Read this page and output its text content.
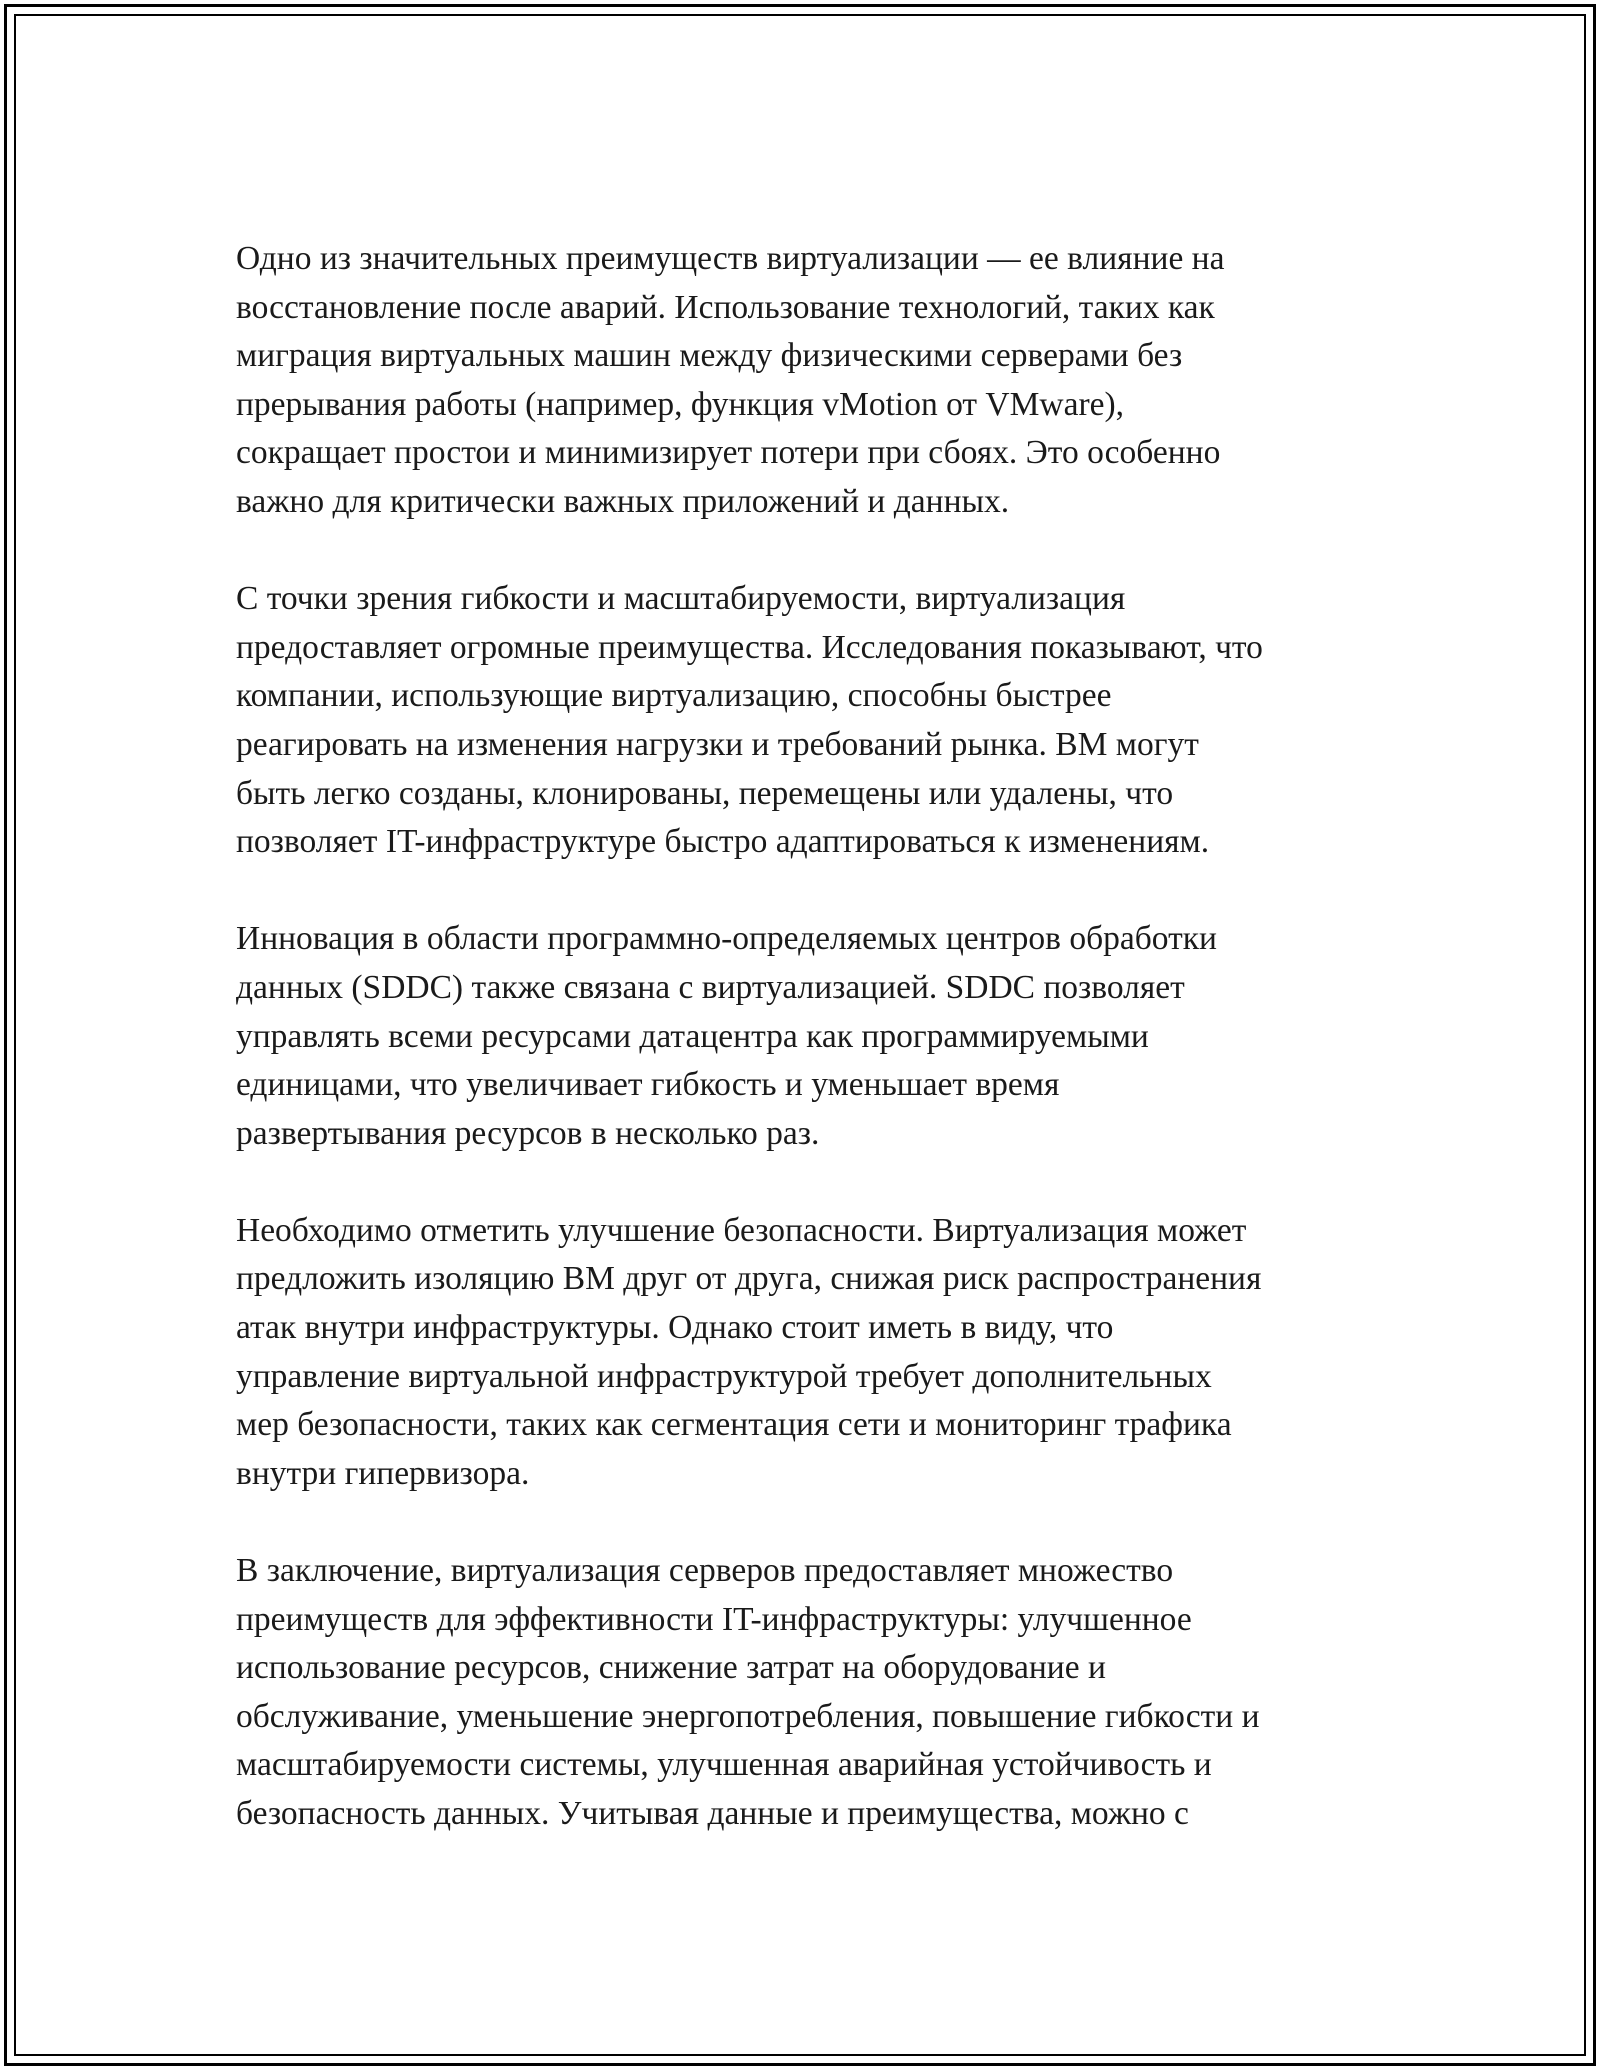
Одно из значительных преимуществ виртуализации — ее влияние на
восстановление после аварий. Использование технологий, таких как
миграция виртуальных машин между физическими серверами без
прерывания работы (например, функция vMotion от VMware),
сокращает простои и минимизирует потери при сбоях. Это особенно
важно для критически важных приложений и данных.

С точки зрения гибкости и масштабируемости, виртуализация
предоставляет огромные преимущества. Исследования показывают, что
компании, использующие виртуализацию, способны быстрее
реагировать на изменения нагрузки и требований рынка. ВМ могут
быть легко созданы, клонированы, перемещены или удалены, что
позволяет IT-инфраструктуре быстро адаптироваться к изменениям.

Инновация в области программно-определяемых центров обработки
данных (SDDC) также связана с виртуализацией. SDDC позволяет
управлять всеми ресурсами датацентра как программируемыми
единицами, что увеличивает гибкость и уменьшает время
развертывания ресурсов в несколько раз.

Необходимо отметить улучшение безопасности. Виртуализация может
предложить изоляцию ВМ друг от друга, снижая риск распространения
атак внутри инфраструктуры. Однако стоит иметь в виду, что
управление виртуальной инфраструктурой требует дополнительных
мер безопасности, таких как сегментация сети и мониторинг трафика
внутри гипервизора.

В заключение, виртуализация серверов предоставляет множество
преимуществ для эффективности IT-инфраструктуры: улучшенное
использование ресурсов, снижение затрат на оборудование и
обслуживание, уменьшение энергопотребления, повышение гибкости и
масштабируемости системы, улучшенная аварийная устойчивость и
безопасность данных. Учитывая данные и преимущества, можно с
